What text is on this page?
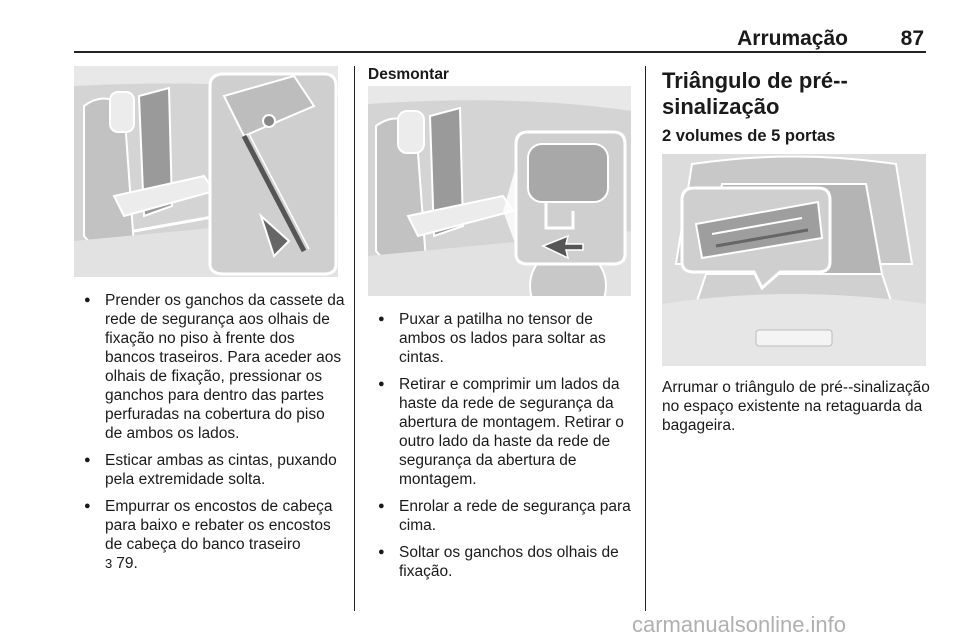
Arrumação	87
● Prender os ganchos da cassete da rede de segurança aos olhais de fixação no piso à frente dos bancos traseiros. Para aceder aos olhais de fixação, pressionar os ganchos para dentro das partes perfuradas na cobertura do piso de ambos os lados.
● Esticar ambas as cintas, puxando pela extremidade solta.
● Empurrar os encostos de cabeça para baixo e rebater os encostos de cabeça do banco traseiro
3 79.
Desmontar
● Puxar a patilha no tensor de ambos os lados para soltar as cintas.
● Retirar e comprimir um lados da haste da rede de segurança da abertura de montagem. Retirar o outro lado da haste da rede de segurança da abertura de montagem.
● Enrolar a rede de segurança para cima.
● Soltar os ganchos dos olhais de fixação.
Triângulo de pré--sinalização
2 volumes de 5 portas
Arrumar o triângulo de pré--sinalização no espaço existente na retaguarda da bagageira.
carmanualsonline.info
